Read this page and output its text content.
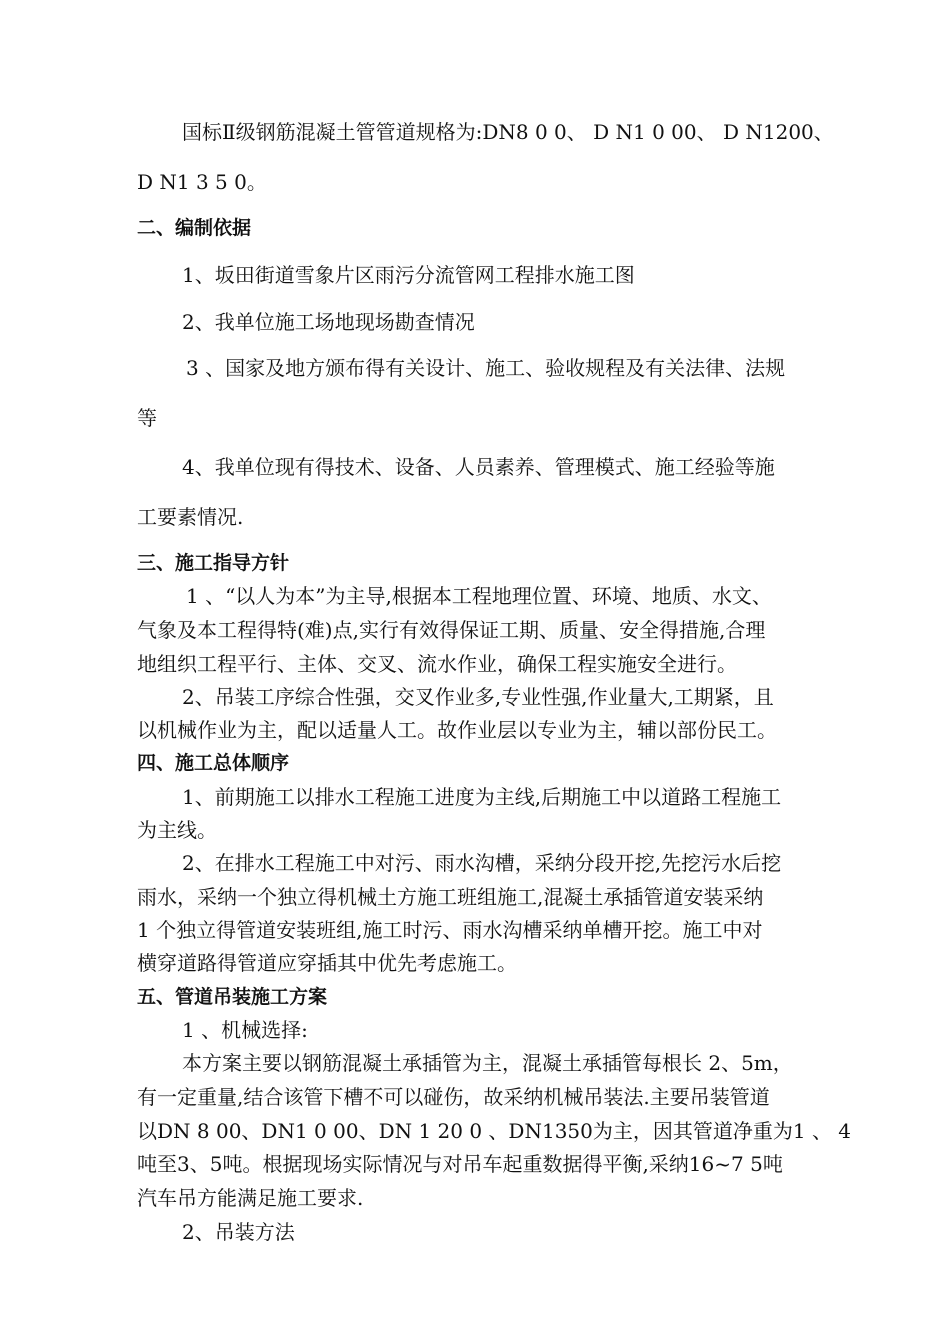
国标Ⅱ级钢筋混凝土管管道规格为:DN8 0 0、 D N1 0 00、 D N1200、
D N1 3 5 0。
二、编制依据
1、坂田街道雪象片区雨污分流管网工程排水施工图
2、我单位施工场地现场勘查情况
3 、国家及地方颁布得有关设计、施工、验收规程及有关法律、法规
等
4、我单位现有得技术、设备、人员素养、管理模式、施工经验等施
工要素情况.
三、施工指导方针
1 、“以人为本”为主导,根据本工程地理位置、环境、地质、水文、
气象及本工程得特(难)点,实行有效得保证工期、质量、安全得措施,合理
地组织工程平行、主体、交叉、流水作业，确保工程实施安全进行。
2、吊装工序综合性强，交叉作业多,专业性强,作业量大,工期紧，且
以机械作业为主，配以适量人工。故作业层以专业为主，辅以部份民工。
四、施工总体顺序
1、前期施工以排水工程施工进度为主线,后期施工中以道路工程施工
为主线。
2、在排水工程施工中对污、雨水沟槽，采纳分段开挖,先挖污水后挖
雨水，采纳一个独立得机械土方施工班组施工,混凝土承插管道安装采纳
1 个独立得管道安装班组,施工时污、雨水沟槽采纳单槽开挖。施工中对
横穿道路得管道应穿插其中优先考虑施工。
五、管道吊装施工方案
1 、机械选择:
本方案主要以钢筋混凝土承插管为主，混凝土承插管每根长 2、5m，
有一定重量,结合该管下槽不可以碰伤，故采纳机械吊装法.主要吊装管道
以DN 8 00、DN1 0 00、DN 1 20 0 、DN1350为主，因其管道净重为1 、 4
吨至3、5吨。根据现场实际情况与对吊车起重数据得平衡,采纳16~7 5吨
汽车吊方能满足施工要求.
2、吊装方法
